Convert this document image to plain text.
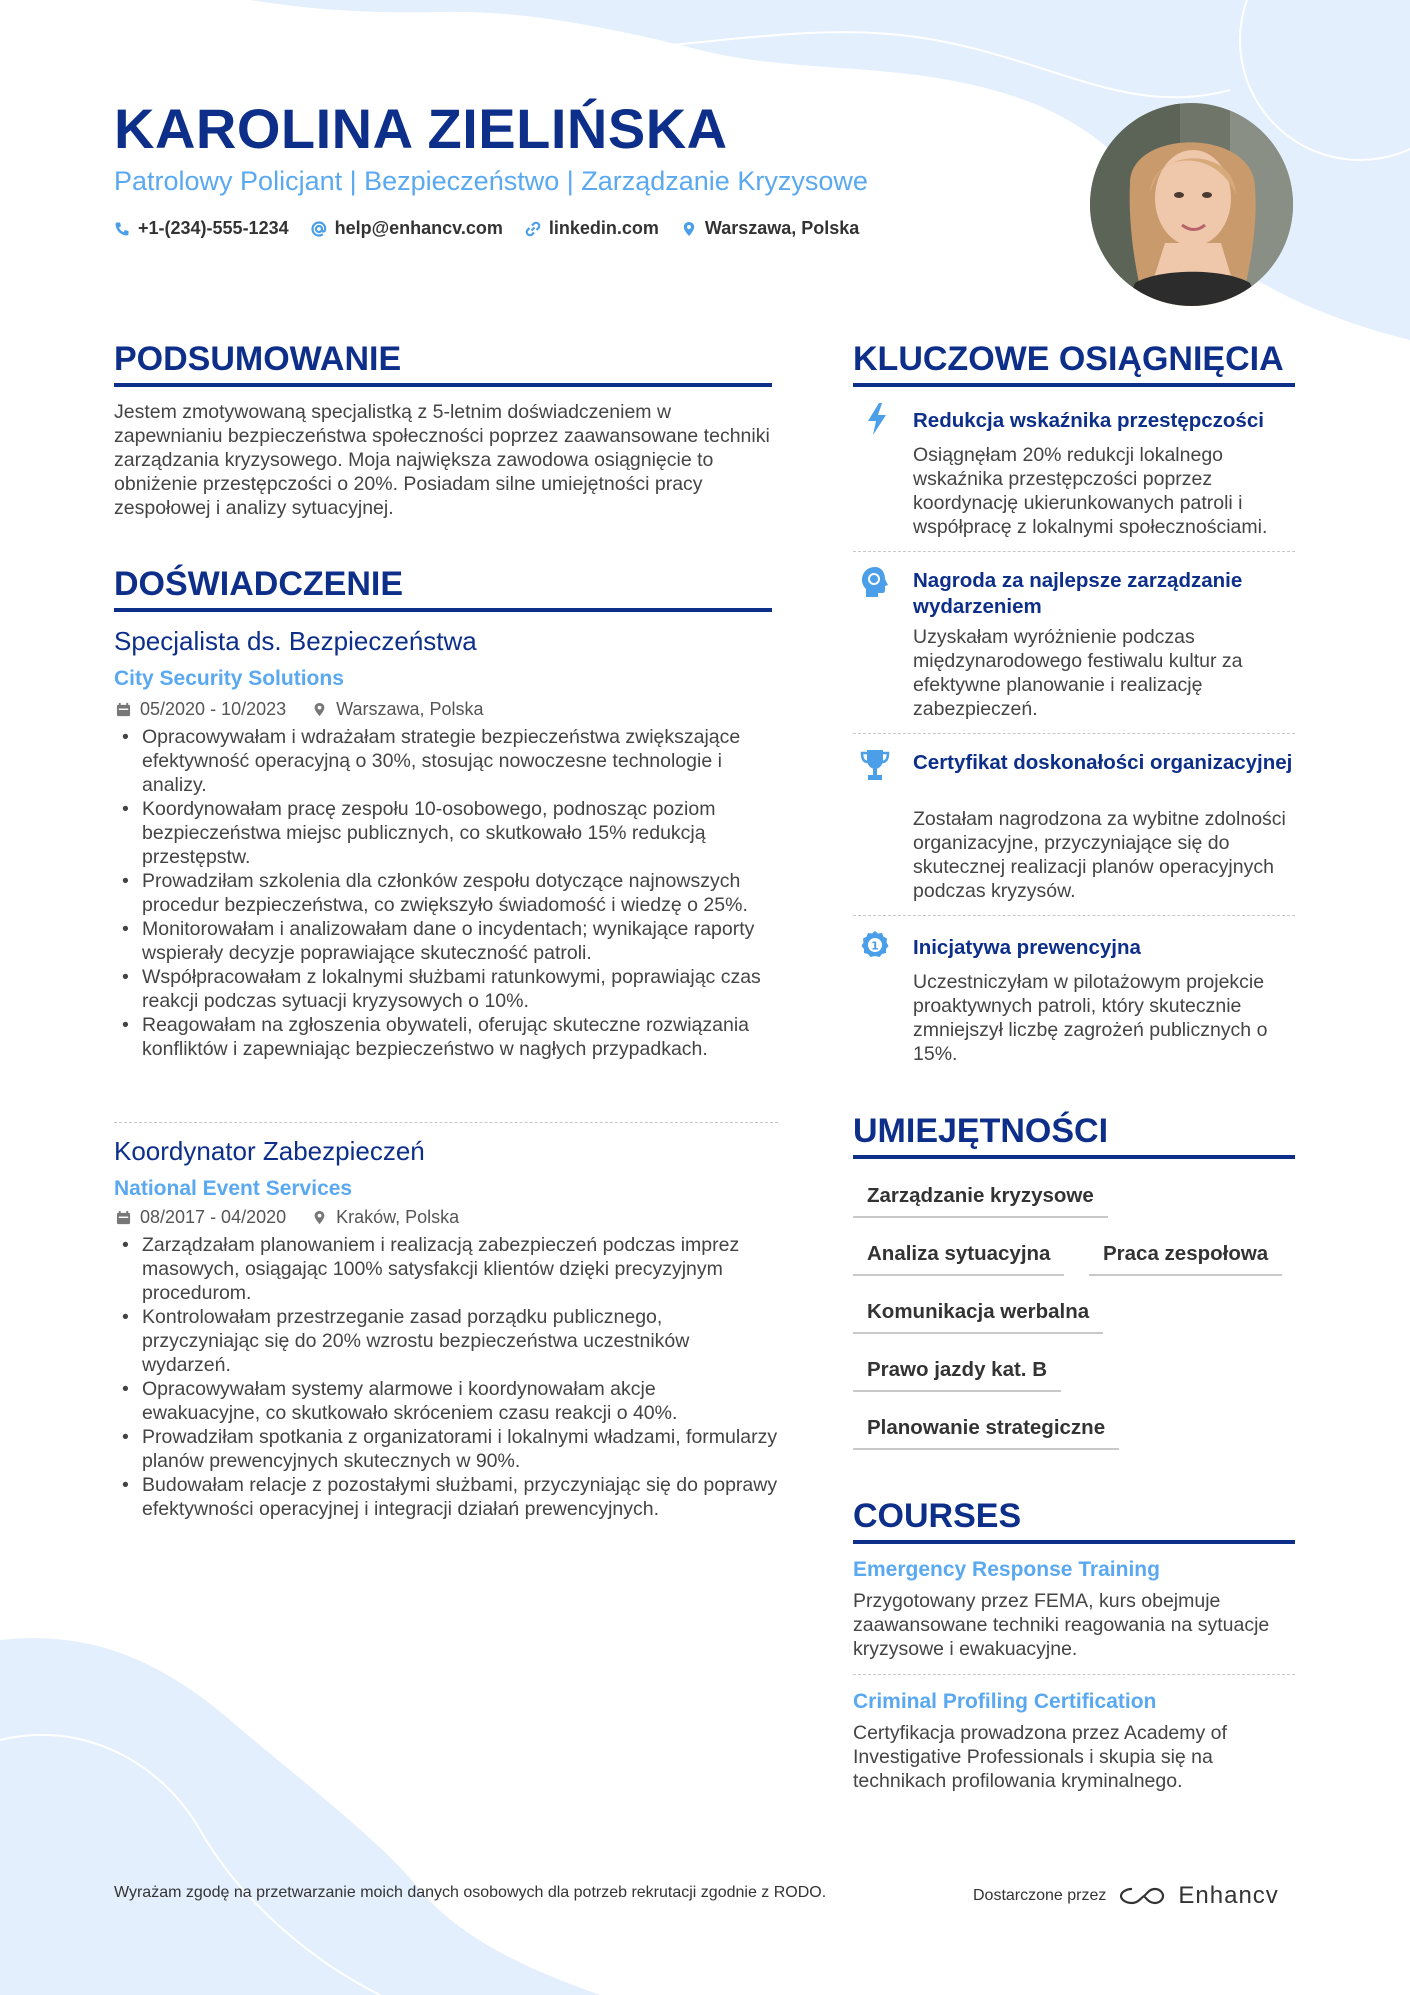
KAROLINA ZIELIŃSKA
Patrolowy Policjant | Bezpieczeństwo | Zarządzanie Kryzysowe
+1-(234)-555-1234	help@enhancv.com	linkedin.com	Warszawa, Polska
PODSUMOWANIE
Jestem zmotywowaną specjalistką z 5-letnim doświadczeniem w zapewnianiu bezpieczeństwa społeczności poprzez zaawansowane techniki zarządzania kryzysowego. Moja największa zawodowa osiągnięcie to obniżenie przestępczości o 20%. Posiadam silne umiejętności pracy zespołowej i analizy sytuacyjnej.
DOŚWIADCZENIE
Specjalista ds. Bezpieczeństwa
City Security Solutions
05/2020 - 10/2023	Warszawa, Polska
• Opracowywałam i wdrażałam strategie bezpieczeństwa zwiększające efektywność operacyjną o 30%, stosując nowoczesne technologie i analizy.
• Koordynowałam pracę zespołu 10-osobowego, podnosząc poziom bezpieczeństwa miejsc publicznych, co skutkowało 15% redukcją przestępstw.
• Prowadziłam szkolenia dla członków zespołu dotyczące najnowszych procedur bezpieczeństwa, co zwiększyło świadomość i wiedzę o 25%.
• Monitorowałam i analizowałam dane o incydentach; wynikające raporty wspierały decyzje poprawiające skuteczność patroli.
• Współpracowałam z lokalnymi służbami ratunkowymi, poprawiając czas reakcji podczas sytuacji kryzysowych o 10%.
• Reagowałam na zgłoszenia obywateli, oferując skuteczne rozwiązania konfliktów i zapewniając bezpieczeństwo w nagłych przypadkach.
Koordynator Zabezpieczeń
National Event Services
08/2017 - 04/2020	Kraków, Polska
• Zarządzałam planowaniem i realizacją zabezpieczeń podczas imprez masowych, osiągając 100% satysfakcji klientów dzięki precyzyjnym procedurom.
• Kontrolowałam przestrzeganie zasad porządku publicznego, przyczyniając się do 20% wzrostu bezpieczeństwa uczestników wydarzeń.
• Opracowywałam systemy alarmowe i koordynowałam akcje ewakuacyjne, co skutkowało skróceniem czasu reakcji o 40%.
• Prowadziłam spotkania z organizatorami i lokalnymi władzami, formularzy planów prewencyjnych skutecznych w 90%.
• Budowałam relacje z pozostałymi służbami, przyczyniając się do poprawy efektywności operacyjnej i integracji działań prewencyjnych.
KLUCZOWE OSIĄGNIĘCIA
Redukcja wskaźnika przestępczości
Osiągnęłam 20% redukcji lokalnego wskaźnika przestępczości poprzez koordynację ukierunkowanych patroli i współpracę z lokalnymi społecznościami.
Nagroda za najlepsze zarządzanie wydarzeniem
Uzyskałam wyróżnienie podczas międzynarodowego festiwalu kultur za efektywne planowanie i realizację zabezpieczeń.
Certyfikat doskonałości organizacyjnej
Zostałam nagrodzona za wybitne zdolności organizacyjne, przyczyniające się do skutecznej realizacji planów operacyjnych podczas kryzysów.
1 Inicjatywa prewencyjna
Uczestniczyłam w pilotażowym projekcie proaktywnych patroli, który skutecznie zmniejszył liczbę zagrożeń publicznych o 15%.
UMIEJĘTNOŚCI
Zarządzanie kryzysowe
Analiza sytuacyjna	Praca zespołowa
Komunikacja werbalna
Prawo jazdy kat. B
Planowanie strategiczne
COURSES
Emergency Response Training
Przygotowany przez FEMA, kurs obejmuje zaawansowane techniki reagowania na sytuacje kryzysowe i ewakuacyjne.
Criminal Profiling Certification
Certyfikacja prowadzona przez Academy of Investigative Professionals i skupia się na technikach profilowania kryminalnego.
Wyrażam zgodę na przetwarzanie moich danych osobowych dla potrzeb rekrutacji zgodnie z RODO.	Dostarczone przez	Enhancv
